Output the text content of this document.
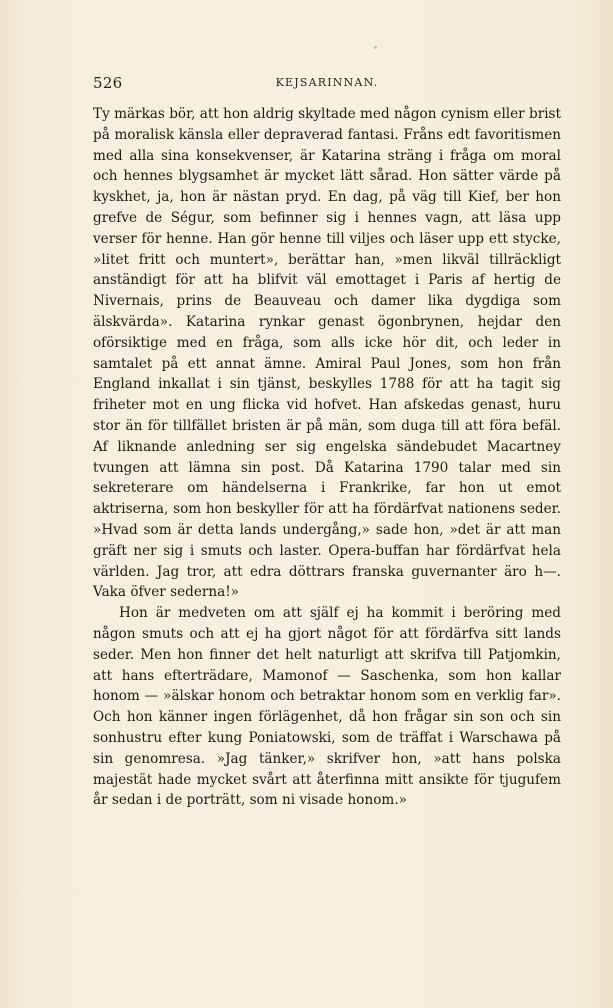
526	KEJSARINNAN.

Ty märkas bör, att hon aldrig skyltade med någon cynism eller brist på moralisk känsla eller depraverad fantasi. Fråns edt favoritismen med alla sina konsekvenser, är Katarina sträng i fråga om moral och hennes blygsamhet är mycket lätt sårad. Hon sätter värde på kyskhet, ja, hon är nästan pryd. En dag, på väg till Kief, ber hon grefve de Ségur, som befinner sig i hennes vagn, att läsa upp verser för henne. Han gör henne till viljes och läser upp ett stycke, »litet fritt och muntert», berättar han, »men likväl tillräckligt anständigt för att ha blifvit väl emottaget i Paris af hertig de Nivernais, prins de Beauveau och damer lika dygdiga som älskvärda». Katarina rynkar genast ögonbrynen, hejdar den oförsiktige med en fråga, som alls icke hör dit, och leder in samtalet på ett annat ämne. Amiral Paul Jones, som hon från England inkallat i sin tjänst, beskylles 1788 för att ha tagit sig friheter mot en ung flicka vid hofvet. Han afskedas genast, huru stor än för tillfället bristen är på män, som duga till att föra befäl. Af liknande anledning ser sig engelska sändebudet Macartney tvungen att lämna sin post. Då Katarina 1790 talar med sin sekreterare om händelserna i Frankrike, far hon ut emot aktriserna, som hon beskyller för att ha fördärfvat nationens seder. »Hvad som är detta lands undergång,» sade hon, »det är att man gräft ner sig i smuts och laster. Opera-buffan har fördärfvat hela världen. Jag tror, att edra döttrars franska guvernanter äro h—. Vaka öfver sederna!»

Hon är medveten om att själf ej ha kommit i beröring med någon smuts och att ej ha gjort något för att fördärfva sitt lands seder. Men hon finner det helt naturligt att skrifva till Patjomkin, att hans efterträdare, Mamonof — Saschenka, som hon kallar honom — »älskar honom och betraktar honom som en verklig far». Och hon känner ingen förlägenhet, då hon frågar sin son och sin sonhustru efter kung Poniatowski, som de träffat i Warschawa på sin genomresa. »Jag tänker,» skrifver hon, »att hans polska majestät hade mycket svårt att återfinna mitt ansikte för tjugufem år sedan i de porträtt, som ni visade honom.»
